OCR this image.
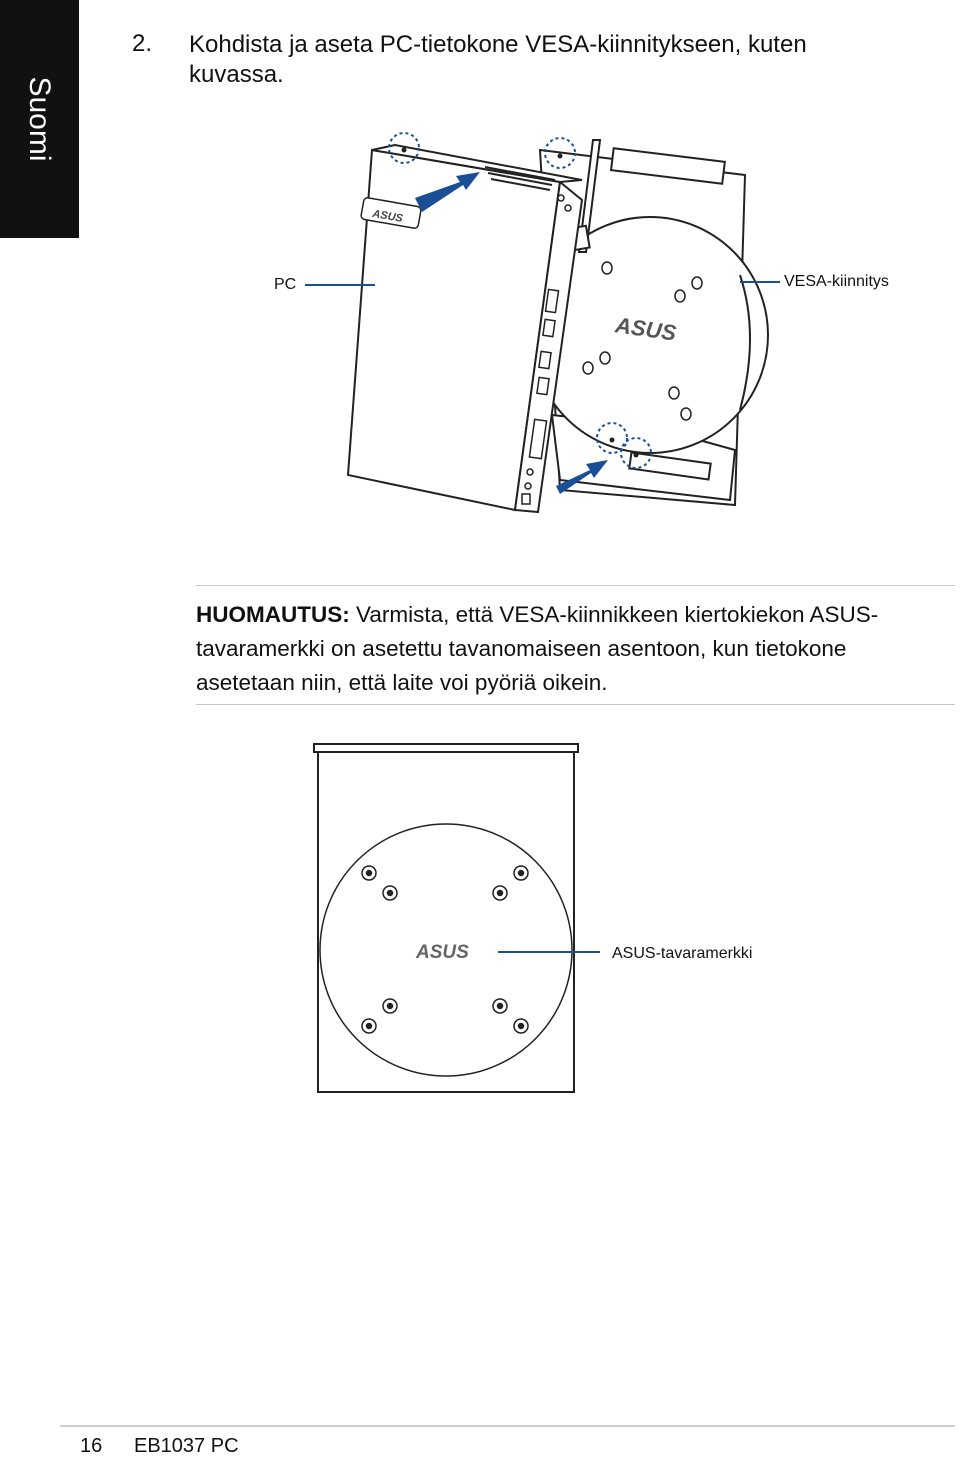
Suomi
2. Kohdista ja aseta PC-tietokone VESA-kiinnitykseen, kuten kuvassa.
ASUS
ASUS
PC	VESA-kiinnitys
HUOMAUTUS: Varmista, että VESA-kiinnikkeen kiertokiekon ASUS-tavaramerkki on asetettu tavanomaiseen asentoon, kun tietokone asetetaan niin, että laite voi pyöriä oikein.
ASUS	ASUS-tavaramerkki
16 EB1037 PC
